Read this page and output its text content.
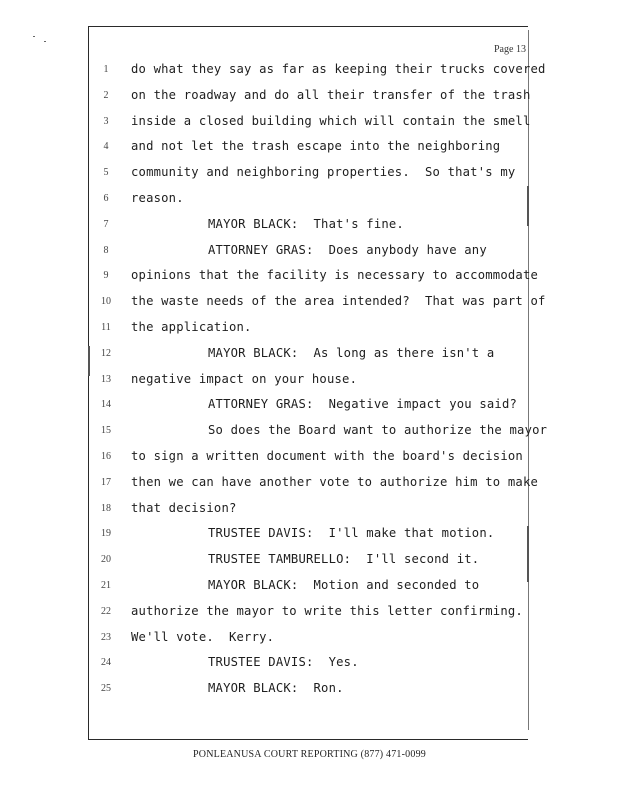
Page 13
1	do what they say as far as keeping their trucks covered
2	on the roadway and do all their transfer of the trash
3	inside a closed building which will contain the smell
4	and not let the trash escape into the neighboring
5	community and neighboring properties.  So that's my
6	reason.
7	MAYOR BLACK:  That's fine.
8	ATTORNEY GRAS:  Does anybody have any
9	opinions that the facility is necessary to accommodate
10	the waste needs of the area intended?  That was part of
11	the application.
12	MAYOR BLACK:  As long as there isn't a
13	negative impact on your house.
14	ATTORNEY GRAS:  Negative impact you said?
15	So does the Board want to authorize the mayor
16	to sign a written document with the board's decision
17	then we can have another vote to authorize him to make
18	that decision?
19	TRUSTEE DAVIS:  I'll make that motion.
20	TRUSTEE TAMBURELLO:  I'll second it.
21	MAYOR BLACK:  Motion and seconded to
22	authorize the mayor to write this letter confirming.
23	We'll vote.  Kerry.
24	TRUSTEE DAVIS:  Yes.
25	MAYOR BLACK:  Ron.
PONLEANUSA COURT REPORTING (877) 471-0099
